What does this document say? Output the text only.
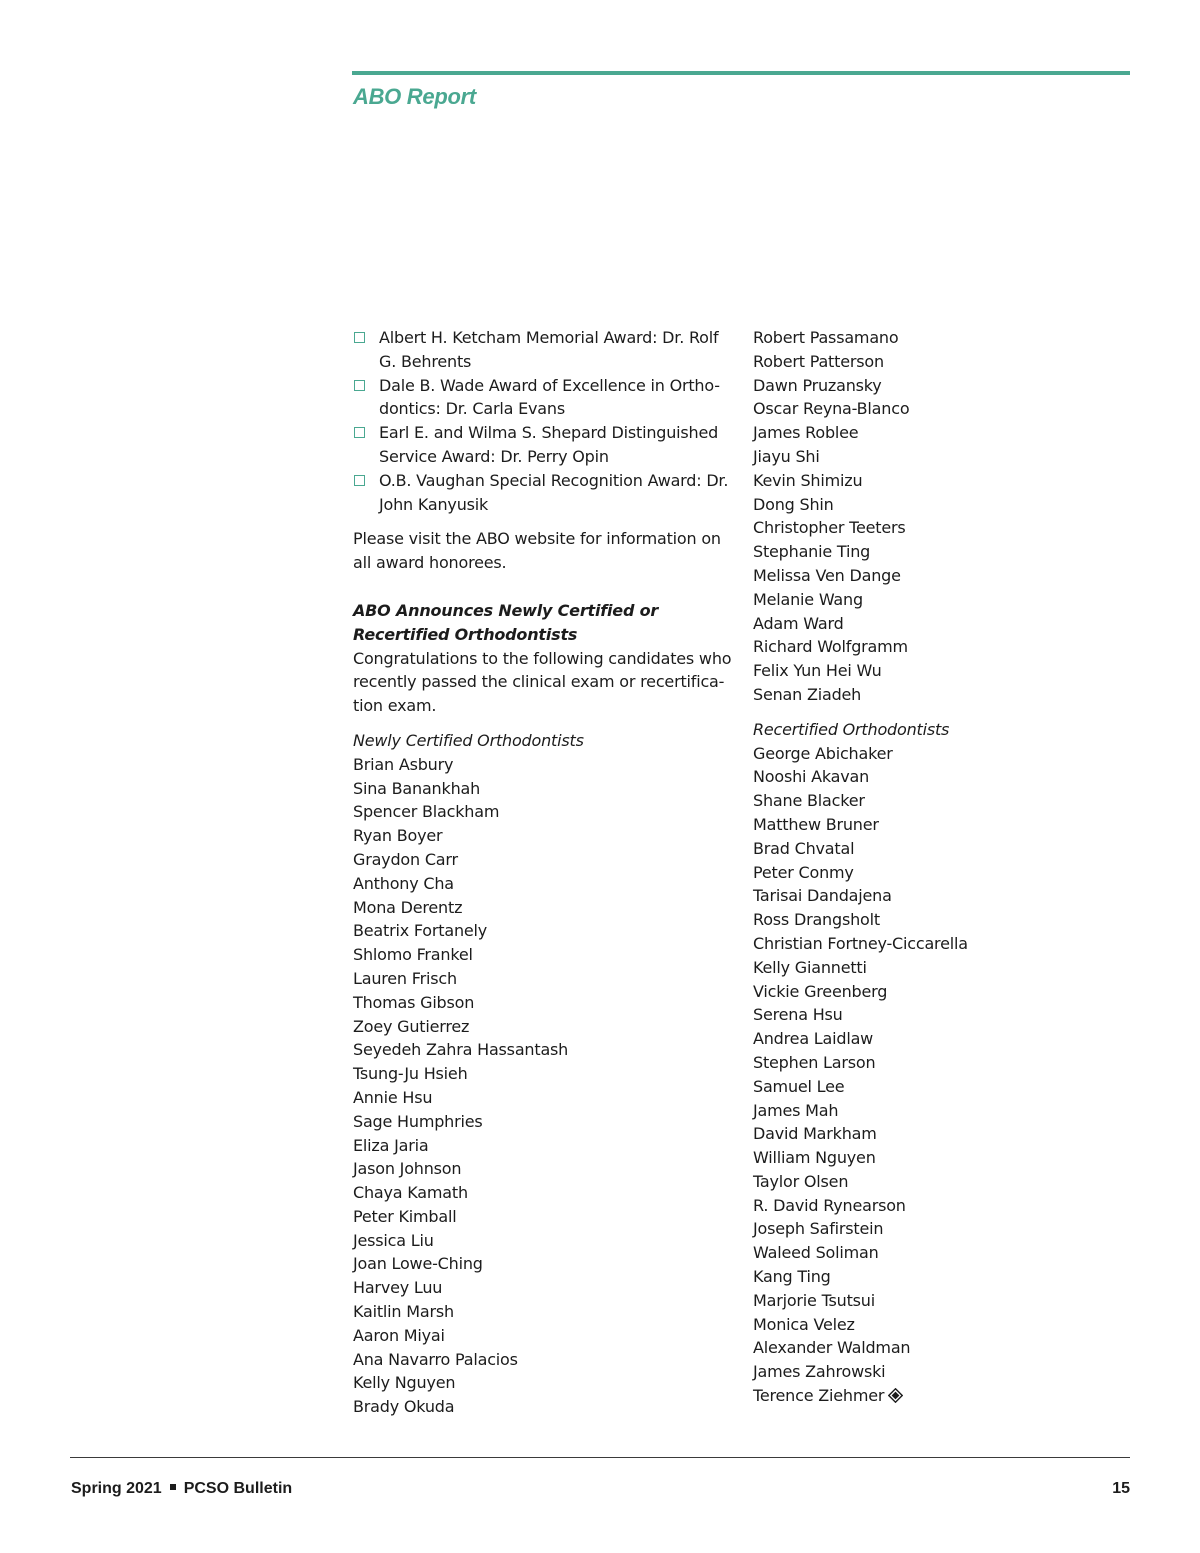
ABO Report
Albert H. Ketcham Memorial Award: Dr. Rolf G. Behrents
Dale B. Wade Award of Excellence in Ortho-dontics: Dr. Carla Evans
Earl E. and Wilma S. Shepard Distinguished Service Award: Dr. Perry Opin
O.B. Vaughan Special Recognition Award: Dr. John Kanyusik

Please visit the ABO website for information on all award honorees.

ABO Announces Newly Certified or Recertified Orthodontists

Congratulations to the following candidates who recently passed the clinical exam or recertifica-tion exam.

Newly Certified Orthodontists

Brian Asbury
Sina Banankhah
Spencer Blackham
Ryan Boyer
Graydon Carr
Anthony Cha
Mona Derentz
Beatrix Fortanely
Shlomo Frankel
Lauren Frisch
Thomas Gibson
Zoey Gutierrez
Seyedeh Zahra Hassantash
Tsung-Ju Hsieh
Annie Hsu
Sage Humphries
Eliza Jaria
Jason Johnson
Chaya Kamath
Peter Kimball
Jessica Liu
Joan Lowe-Ching
Harvey Luu
Kaitlin Marsh
Aaron Miyai
Ana Navarro Palacios
Kelly Nguyen
Brady Okuda
Robert Passamano
Robert Patterson
Dawn Pruzansky
Oscar Reyna-Blanco
James Roblee
Jiayu Shi
Kevin Shimizu
Dong Shin
Christopher Teeters
Stephanie Ting
Melissa Ven Dange
Melanie Wang
Adam Ward
Richard Wolfgramm
Felix Yun Hei Wu
Senan Ziadeh

Recertified Orthodontists

George Abichaker
Nooshi Akavan
Shane Blacker
Matthew Bruner
Brad Chvatal
Peter Conmy
Tarisai Dandajena
Ross Drangsholt
Christian Fortney-Ciccarella
Kelly Giannetti
Vickie Greenberg
Serena Hsu
Andrea Laidlaw
Stephen Larson
Samuel Lee
James Mah
David Markham
William Nguyen
Taylor Olsen
R. David Rynearson
Joseph Safirstein
Waleed Soliman
Kang Ting
Marjorie Tsutsui
Monica Velez
Alexander Waldman
James Zahrowski
Terence Ziehmer
Spring 2021 PCSO Bulletin	15
